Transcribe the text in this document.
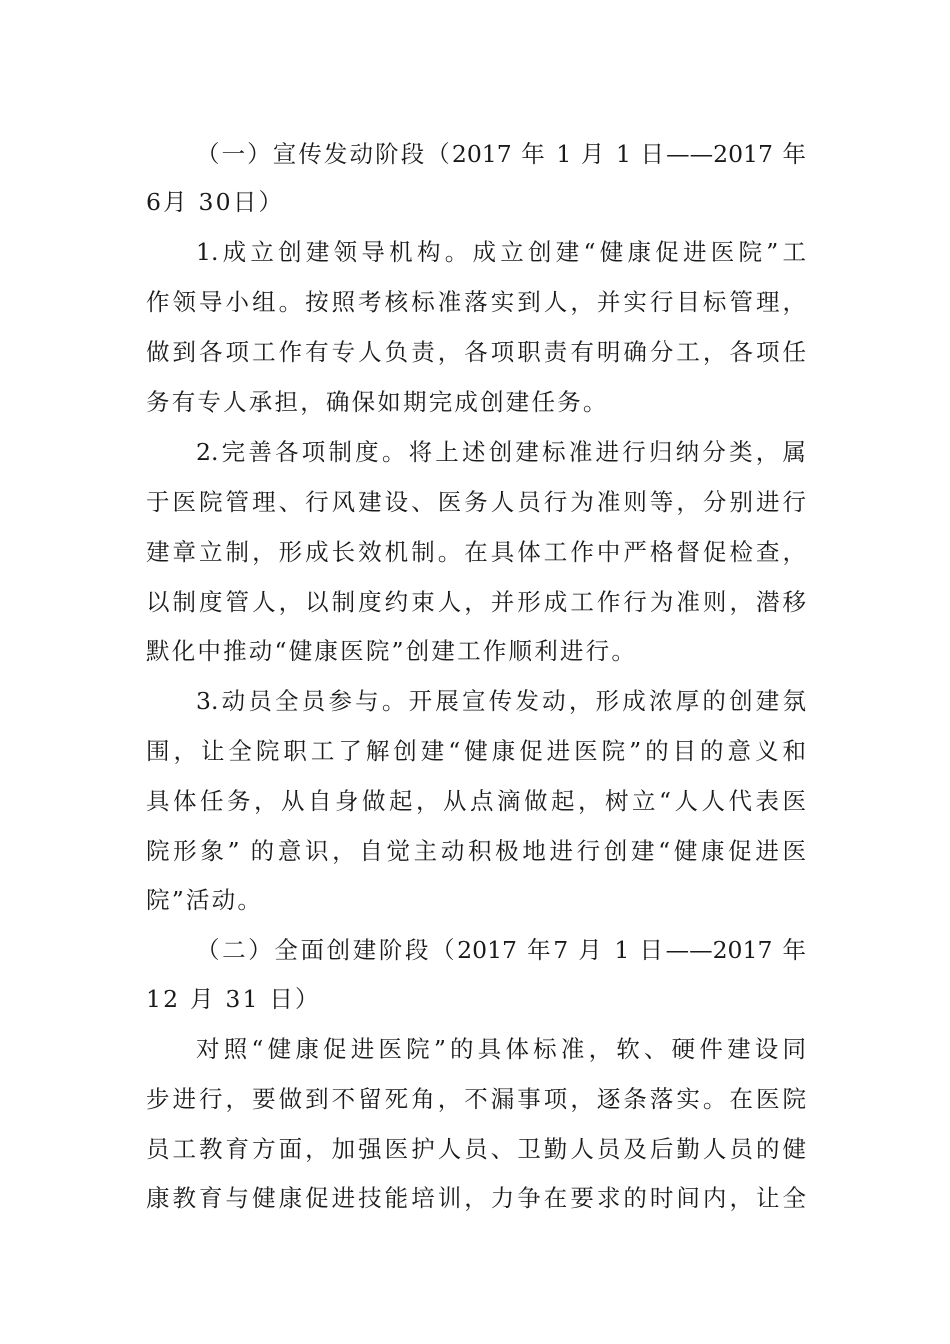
（一）宣传发动阶段（2017 年 1 月 1 日——2017 年
6月 30日）
1.成立创建领导机构。成立创建“健康促进医院”工
作领导小组。按照考核标准落实到人，并实行目标管理，
做到各项工作有专人负责，各项职责有明确分工，各项任
务有专人承担，确保如期完成创建任务。
2.完善各项制度。将上述创建标准进行归纳分类，属
于医院管理、行风建设、医务人员行为准则等，分别进行
建章立制，形成长效机制。在具体工作中严格督促检查，
以制度管人，以制度约束人，并形成工作行为准则，潜移
默化中推动“健康医院”创建工作顺利进行。
3.动员全员参与。开展宣传发动，形成浓厚的创建氛
围，让全院职工了解创建“健康促进医院”的目的意义和
具体任务，从自身做起，从点滴做起，树立“人人代表医
院形象” 的意识，自觉主动积极地进行创建“健康促进医
院”活动。
（二）全面创建阶段（2017 年7 月 1 日——2017 年
12 月 31 日）
对照“健康促进医院”的具体标准，软、硬件建设同
步进行，要做到不留死角，不漏事项，逐条落实。在医院
员工教育方面，加强医护人员、卫勤人员及后勤人员的健
康教育与健康促进技能培训，力争在要求的时间内，让全
